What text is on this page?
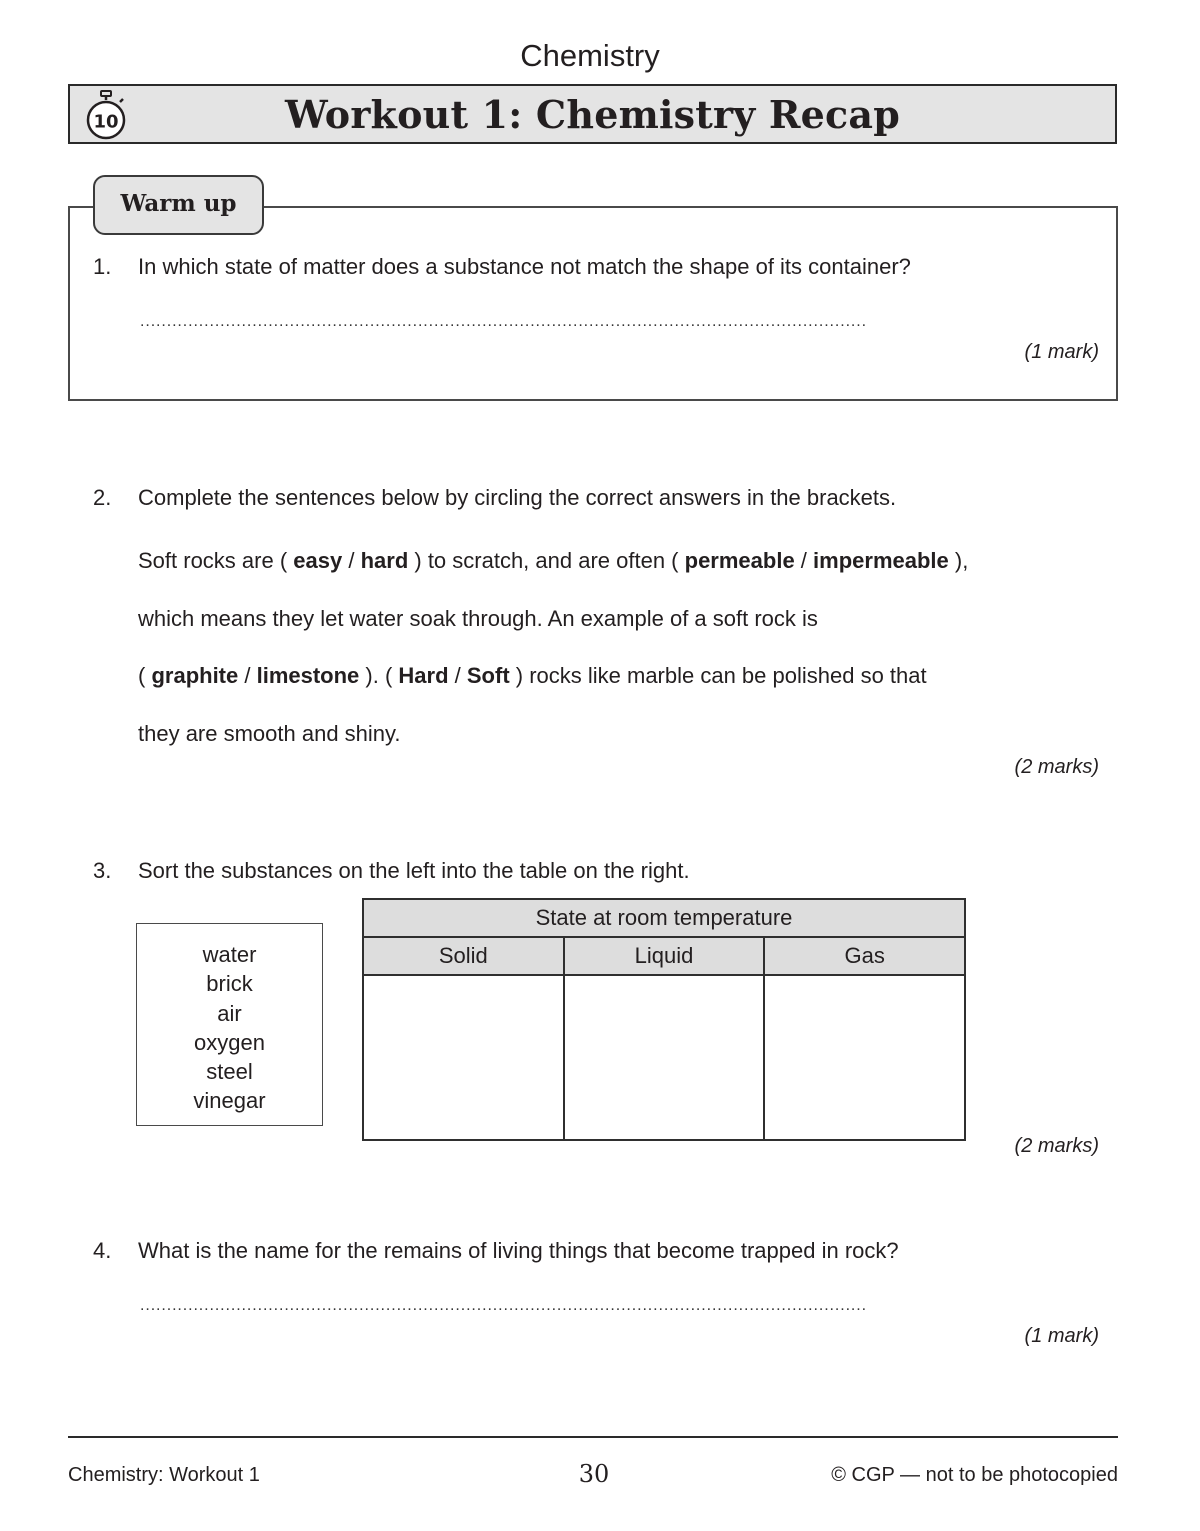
Chemistry
10	Workout 1: Chemistry Recap
Warm up
1. In which state of matter does a substance not match the shape of its container?
........................................................................................................................................
(1 mark)
2. Complete the sentences below by circling the correct answers in the brackets.
Soft rocks are ( easy / hard ) to scratch, and are often ( permeable / impermeable ),
which means they let water soak through. An example of a soft rock is
( graphite / limestone ). ( Hard / Soft ) rocks like marble can be polished so that
they are smooth and shiny.
(2 marks)
3. Sort the substances on the left into the table on the right.
water
brick
air
oxygen
steel
vinegar
State at room temperature		
Solid	Liquid	Gas

(2 marks)
4. What is the name for the remains of living things that become trapped in rock?
........................................................................................................................................
(1 mark)
Chemistry: Workout 1	30	© CGP — not to be photocopied
